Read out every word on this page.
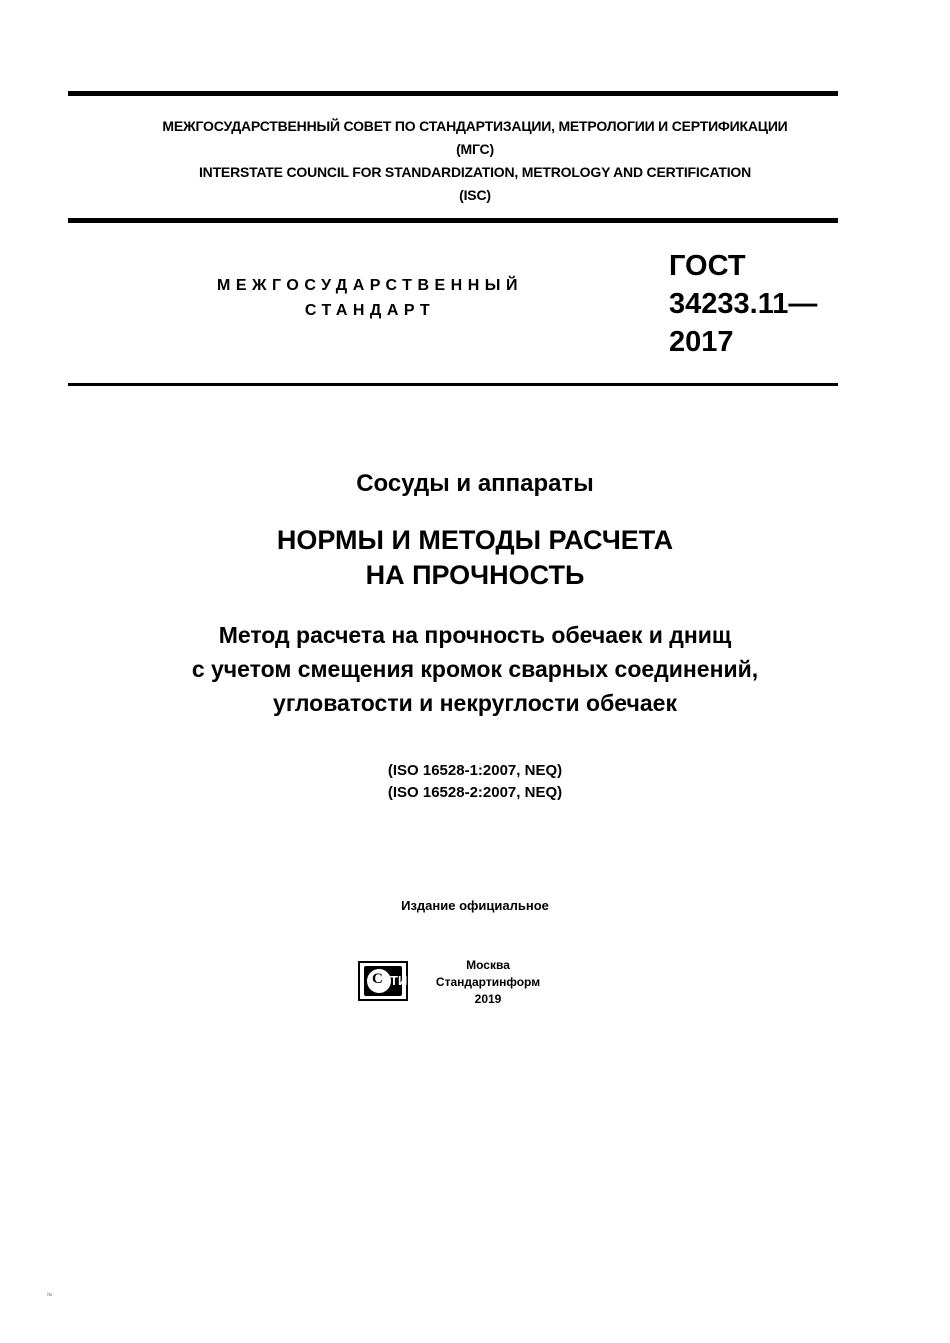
МЕЖГОСУДАРСТВЕННЫЙ СОВЕТ ПО СТАНДАРТИЗАЦИИ, МЕТРОЛОГИИ И СЕРТИФИКАЦИИ
(МГС)
INTERSTATE COUNCIL FOR STANDARDIZATION, METROLOGY AND CERTIFICATION
(ISC)
МЕЖГОСУДАРСТВЕННЫЙ
СТАНДАРТ
ГОСТ
34233.11—
2017
Сосуды и аппараты
НОРМЫ И МЕТОДЫ РАСЧЕТА
НА ПРОЧНОСТЬ
Метод расчета на прочность обечаек и днищ
с учетом смещения кромок сварных соединений,
угловатости и некруглости обечаек
(ISO 16528-1:2007, NEQ)
(ISO 16528-2:2007, NEQ)
Издание официальное
С ТИ
Москва
Стандартинформ
2019
№
